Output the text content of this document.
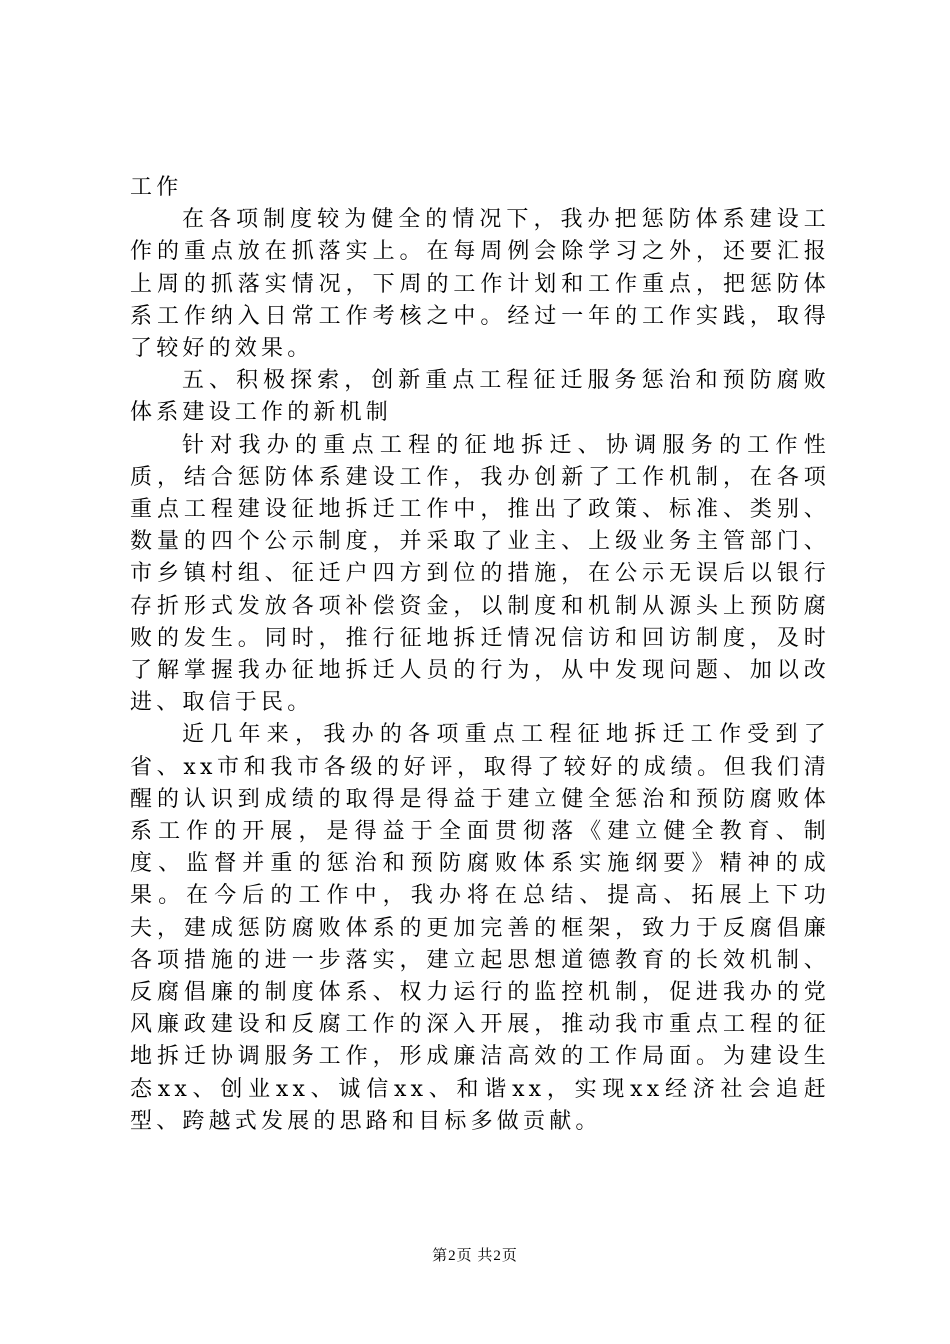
工作

在各项制度较为健全的情况下，我办把惩防体系建设工作的重点放在抓落实上。在每周例会除学习之外，还要汇报上周的抓落实情况，下周的工作计划和工作重点，把惩防体系工作纳入日常工作考核之中。经过一年的工作实践，取得了较好的效果。

五、积极探索，创新重点工程征迁服务惩治和预防腐败体系建设工作的新机制

针对我办的重点工程的征地拆迁、协调服务的工作性质，结合惩防体系建设工作，我办创新了工作机制，在各项重点工程建设征地拆迁工作中，推出了政策、标准、类别、数量的四个公示制度，并采取了业主、上级业务主管部门、市乡镇村组、征迁户四方到位的措施，在公示无误后以银行存折形式发放各项补偿资金，以制度和机制从源头上预防腐败的发生。同时，推行征地拆迁情况信访和回访制度，及时了解掌握我办征地拆迁人员的行为，从中发现问题、加以改进、取信于民。

近几年来，我办的各项重点工程征地拆迁工作受到了省、xx市和我市各级的好评，取得了较好的成绩。但我们清醒的认识到成绩的取得是得益于建立健全惩治和预防腐败体系工作的开展，是得益于全面贯彻落《建立健全教育、制度、监督并重的惩治和预防腐败体系实施纲要》精神的成果。在今后的工作中，我办将在总结、提高、拓展上下功夫，建成惩防腐败体系的更加完善的框架，致力于反腐倡廉各项措施的进一步落实，建立起思想道德教育的长效机制、反腐倡廉的制度体系、权力运行的监控机制，促进我办的党风廉政建设和反腐工作的深入开展，推动我市重点工程的征地拆迁协调服务工作，形成廉洁高效的工作局面。为建设生态xx、创业xx、诚信xx、和谐xx，实现xx经济社会追赶型、跨越式发展的思路和目标多做贡献。

第2页 共2页
